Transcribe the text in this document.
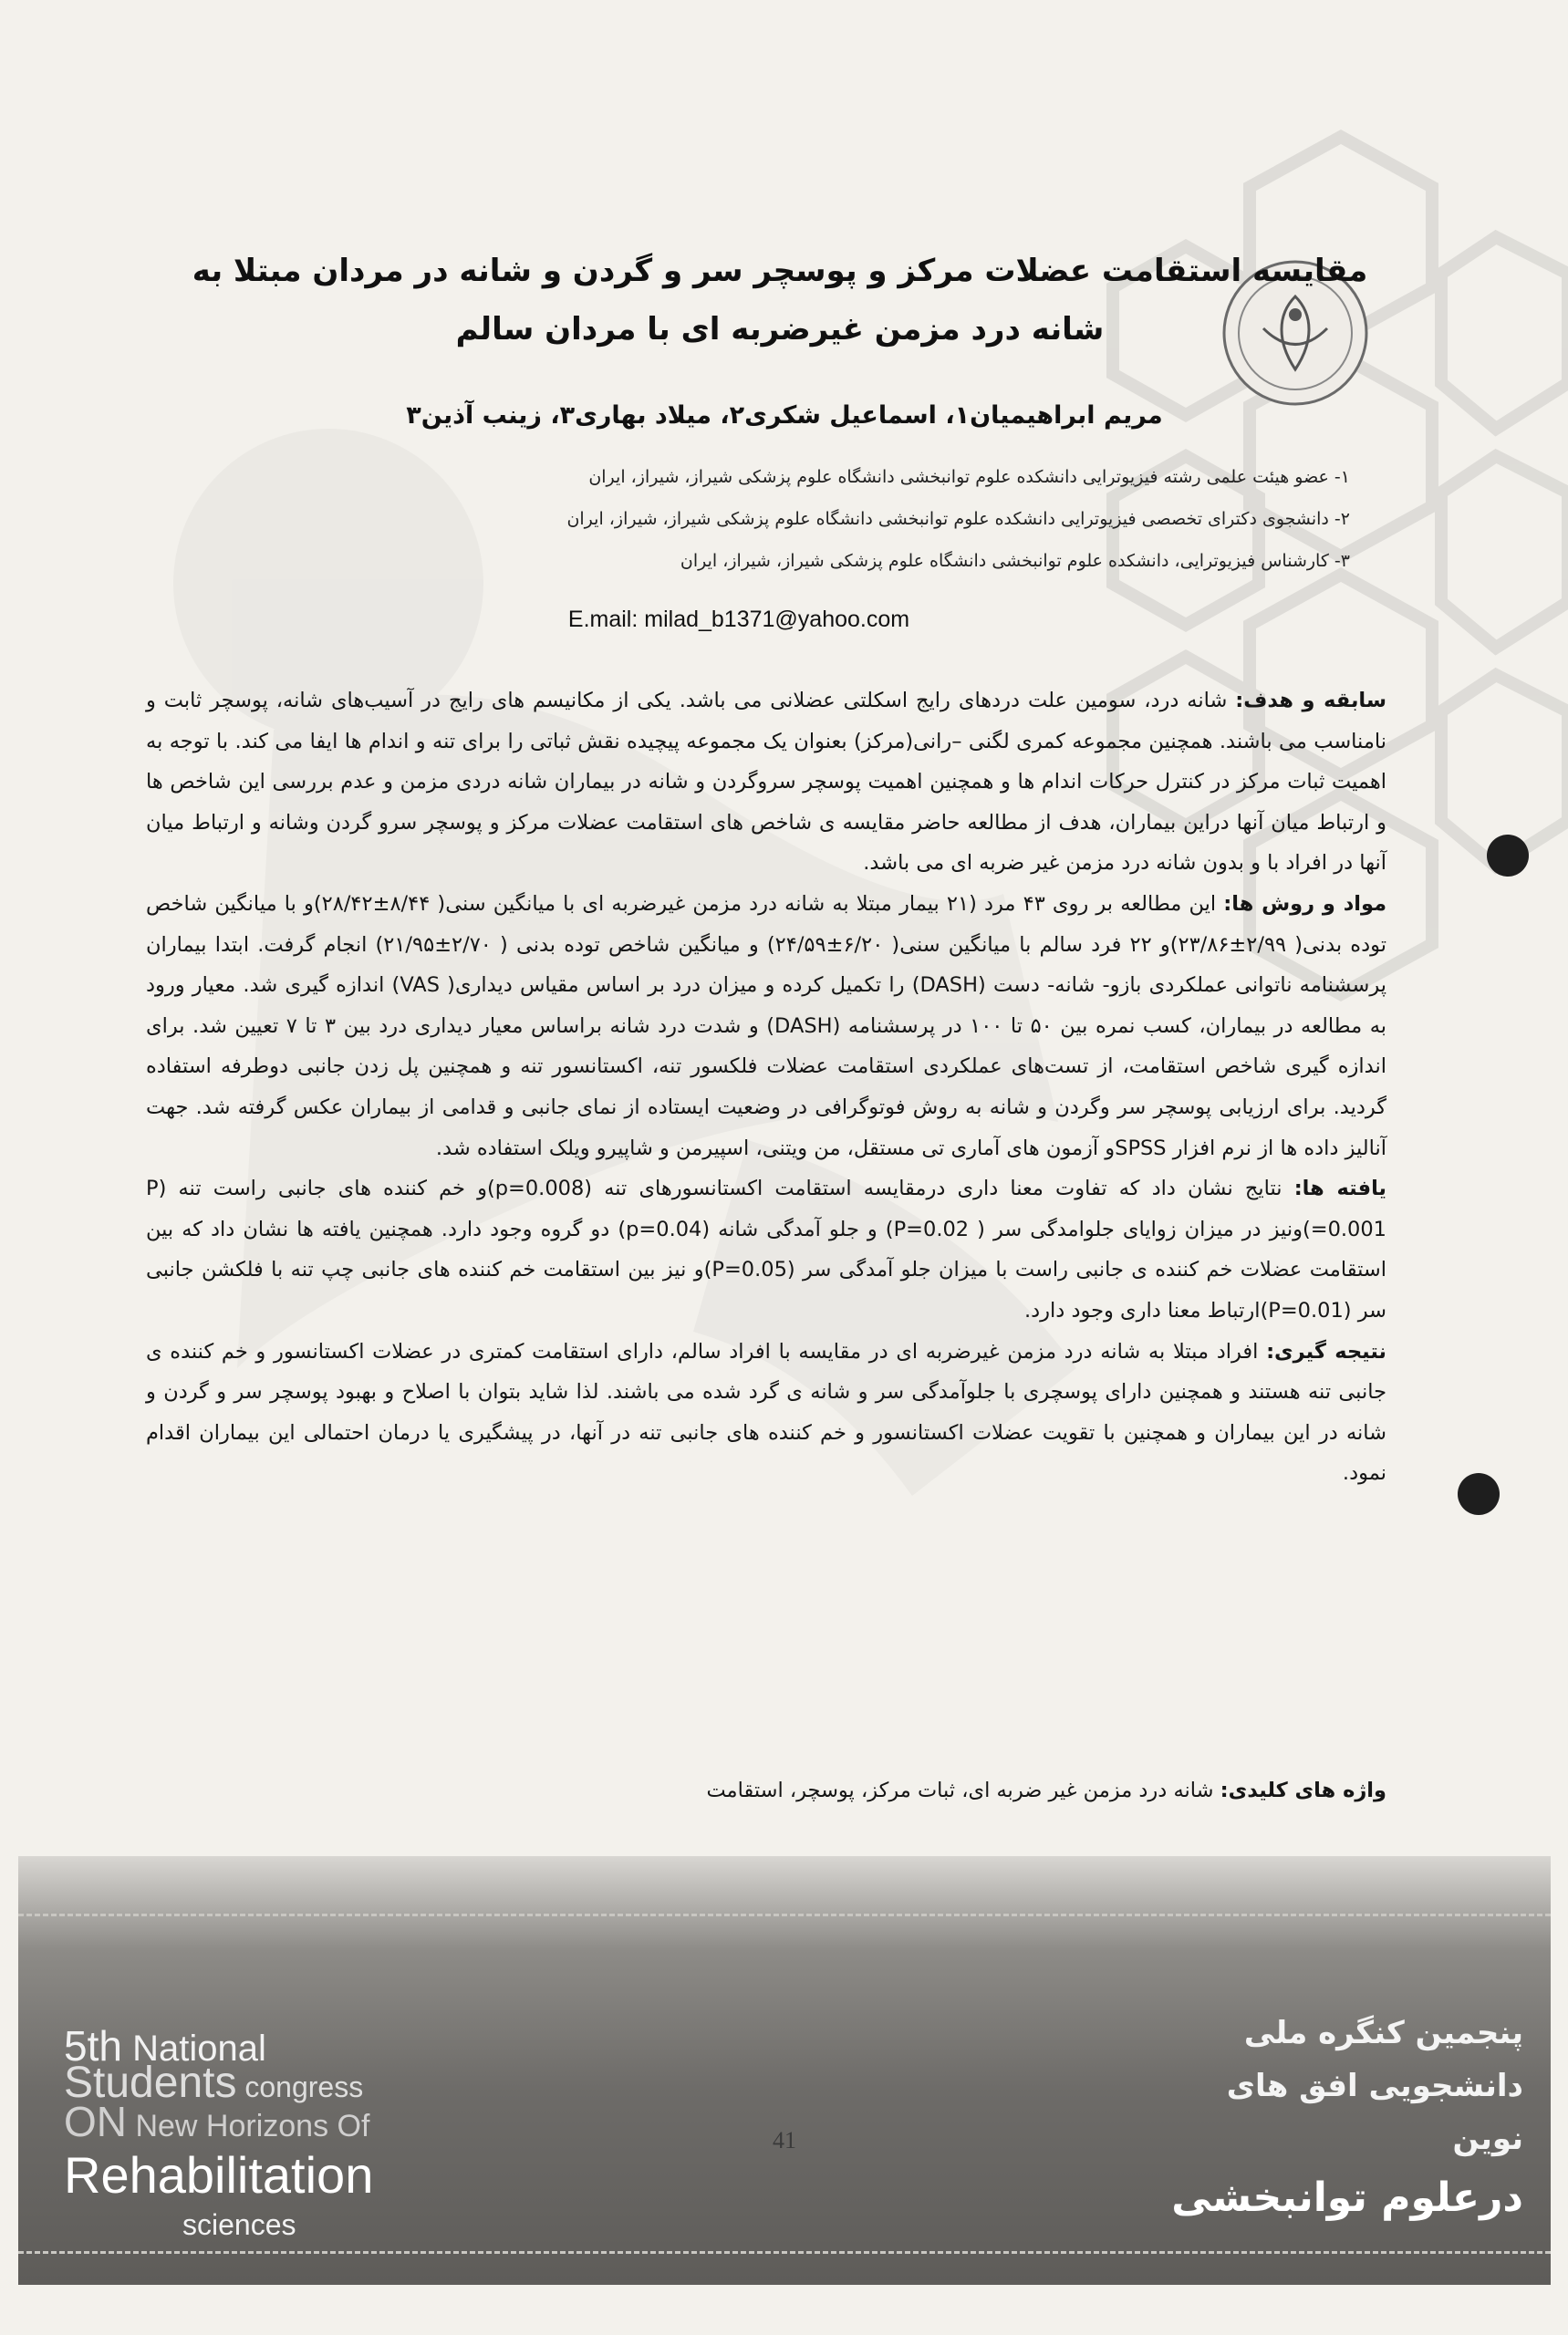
مقایسه استقامت عضلات مرکز و پوسچر سر و گردن و شانه در مردان مبتلا به شانه درد مزمن غیرضربه ای با مردان سالم
مریم ابراهیمیان۱، اسماعیل شکری۲، میلاد بهاری۳، زینب آذین۳
۱- عضو هیئت علمی رشته فیزیوترایی دانشکده علوم توانبخشی دانشگاه علوم پزشکی شیراز، شیراز، ایران
۲- دانشجوی دکترای تخصصی فیزیوترایی دانشکده علوم توانبخشی دانشگاه علوم پزشکی شیراز، شیراز، ایران
۳- کارشناس فیزیوترایی، دانشکده علوم توانبخشی دانشگاه علوم پزشکی شیراز، شیراز، ایران
E.mail: milad_b1371@yahoo.com

سابقه و هدف: شانه درد، سومین علت دردهای رایج اسکلتی عضلانی می باشد. یکی از مکانیسم های رایج در آسیب‌های شانه، پوسچر ثابت و نامناسب می باشند. همچنین مجموعه کمری لگنی –رانی(مرکز) بعنوان یک مجموعه پیچیده نقش ثباتی را برای تنه و اندام ها ایفا می کند. با توجه به اهمیت ثبات مرکز در کنترل حرکات اندام ها و همچنین اهمیت پوسچر سروگردن و شانه در بیماران شانه دردی مزمن و عدم بررسی این شاخص ها و ارتباط میان آنها دراین بیماران، هدف از مطالعه حاضر مقایسه ی شاخص های استقامت عضلات مرکز و پوسچر سرو گردن وشانه و ارتباط میان آنها در افراد با و بدون شانه درد مزمن غیر ضربه ای می باشد.

مواد و روش ها: این مطالعه بر روی ۴۳ مرد (۲۱ بیمار مبتلا به شانه درد مزمن غیرضربه ای با میانگین سنی( ۸/۴۴±۲۸/۴۲)و با میانگین شاخص توده بدنی( ۲/۹۹±۲۳/۸۶)و ۲۲ فرد سالم با میانگین سنی( ۶/۲۰±۲۴/۵۹) و میانگین شاخص توده بدنی ( ۲/۷۰±۲۱/۹۵) انجام گرفت. ابتدا بیماران پرسشنامه ناتوانی عملکردی بازو- شانه- دست (DASH) را تکمیل کرده و میزان درد بر اساس مقیاس دیداری( VAS) اندازه گیری شد. معیار ورود به مطالعه در بیماران، کسب نمره بین ۵۰ تا ۱۰۰ در پرسشنامه (DASH) و شدت درد شانه براساس معیار دیداری درد بین ۳ تا ۷ تعیین شد. برای اندازه گیری شاخص استقامت، از تست‌های عملکردی استقامت عضلات فلکسور تنه، اکستانسور تنه و همچنین پل زدن جانبی دوطرفه استفاده گردید. برای ارزیابی پوسچر سر وگردن و شانه به روش فوتوگرافی در وضعیت ایستاده از نمای جانبی و قدامی از بیماران عکس گرفته شد. جهت آنالیز داده ها از نرم افزار SPSSو آزمون های آماری تی مستقل، من ویتنی، اسپیرمن و شاپیرو ویلک استفاده شد.

یافته ها: نتایج نشان داد که تفاوت معنا داری درمقایسه استقامت اکستانسورهای تنه (p=0.008)و خم کننده های جانبی راست تنه (P =0.001)ونیز در میزان زوایای جلوامدگی سر ( P=0.02) و جلو آمدگی شانه (p=0.04) دو گروه وجود دارد. همچنین یافته ها نشان داد که بین استقامت عضلات خم کننده ی جانبی راست با میزان جلو آمدگی سر (P=0.05)و نیز بین استقامت خم کننده های جانبی چپ تنه با فلکشن جانبی سر (P=0.01)ارتباط معنا داری وجود دارد.

نتیجه گیری: افراد مبتلا به شانه درد مزمن غیرضربه ای در مقایسه با افراد سالم، دارای استقامت کمتری در عضلات اکستانسور و خم کننده ی جانبی تنه هستند و همچنین دارای پوسچری با جلوآمدگی سر و شانه ی گرد شده می باشند. لذا شاید بتوان با اصلاح و بهبود پوسچر سر و گردن و شانه در این بیماران و همچنین با تقویت عضلات اکستانسور و خم کننده های جانبی تنه در آنها، در پیشگیری یا درمان احتمالی این بیماران اقدام نمود.

واژه های کلیدی: شانه درد مزمن غیر ضربه ای، ثبات مرکز، پوسچر، استقامت
5th National
Students congress
ON New Horizons Of
Rehabilitation
sciences
41
پنجمین کنگره ملی
دانشجویی افق های نوین
درعلوم توانبخشی
